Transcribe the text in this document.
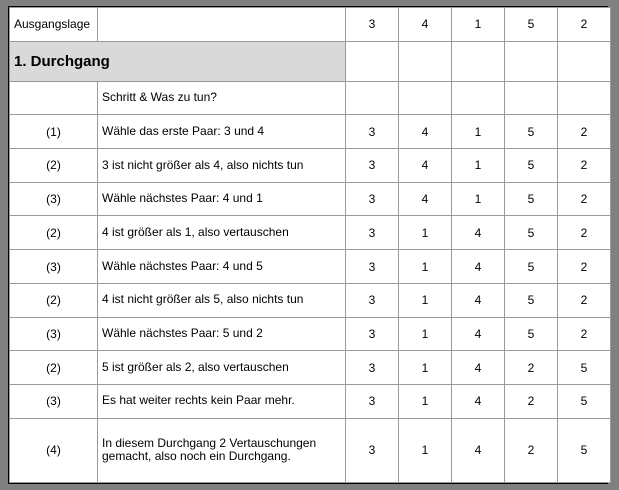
Ausgangslage		3	4	1	5	2
1. Durchgang						
	Schritt & Was zu tun?					
(1)	Wähle das erste Paar: 3 und 4	3	4	1	5	2
(2)	3 ist nicht größer als 4, also nichts tun	3	4	1	5	2
(3)	Wähle nächstes Paar: 4 und 1	3	4	1	5	2
(2)	4 ist größer als 1, also vertauschen	3	1	4	5	2
(3)	Wähle nächstes Paar: 4 und 5	3	1	4	5	2
(2)	4 ist nicht größer als 5, also nichts tun	3	1	4	5	2
(3)	Wähle nächstes Paar: 5 und 2	3	1	4	5	2
(2)	5 ist größer als 2, also vertauschen	3	1	4	2	5
(3)	Es hat weiter rechts kein Paar mehr.	3	1	4	2	5
(4)	In diesem Durchgang 2 Vertauschungen gemacht, also noch ein Durchgang.	3	1	4	2	5
